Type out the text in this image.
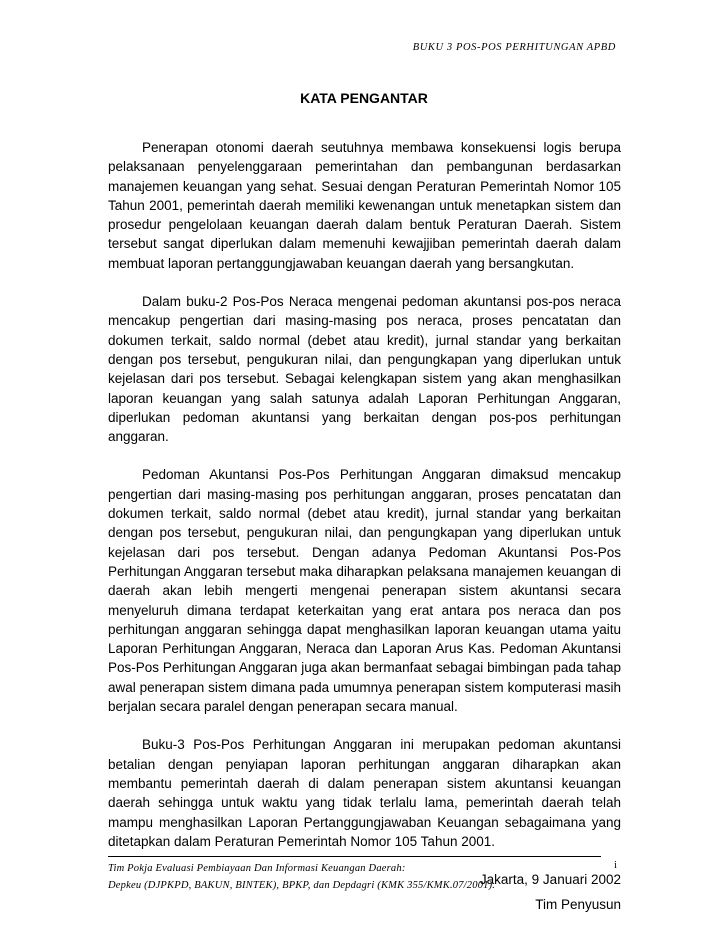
BUKU 3 POS-POS PERHITUNGAN APBD
KATA PENGANTAR

Penerapan otonomi daerah seutuhnya membawa konsekuensi logis berupa pelaksanaan penyelenggaraan pemerintahan dan pembangunan berdasarkan manajemen keuangan yang sehat. Sesuai dengan Peraturan Pemerintah Nomor 105 Tahun 2001, pemerintah daerah memiliki kewenangan untuk menetapkan sistem dan prosedur pengelolaan keuangan daerah dalam bentuk Peraturan Daerah. Sistem tersebut sangat diperlukan dalam memenuhi kewajjiban pemerintah daerah dalam membuat laporan pertanggungjawaban keuangan daerah yang bersangkutan.

Dalam buku-2 Pos-Pos Neraca mengenai pedoman akuntansi pos-pos neraca mencakup pengertian dari masing-masing pos neraca, proses pencatatan dan dokumen terkait, saldo normal (debet atau kredit), jurnal standar yang berkaitan dengan pos tersebut, pengukuran nilai, dan pengungkapan yang diperlukan untuk kejelasan dari pos tersebut. Sebagai kelengkapan sistem yang akan menghasilkan laporan keuangan yang salah satunya adalah Laporan Perhitungan Anggaran, diperlukan pedoman akuntansi yang berkaitan dengan pos-pos perhitungan anggaran.

Pedoman Akuntansi Pos-Pos Perhitungan Anggaran dimaksud mencakup pengertian dari masing-masing pos perhitungan anggaran, proses pencatatan dan dokumen terkait, saldo normal (debet atau kredit), jurnal standar yang berkaitan dengan pos tersebut, pengukuran nilai, dan pengungkapan yang diperlukan untuk kejelasan dari pos tersebut. Dengan adanya Pedoman Akuntansi Pos-Pos Perhitungan Anggaran tersebut maka diharapkan pelaksana manajemen keuangan di daerah akan lebih mengerti mengenai penerapan sistem akuntansi secara menyeluruh dimana terdapat keterkaitan yang erat antara pos neraca dan pos perhitungan anggaran sehingga dapat menghasilkan laporan keuangan utama yaitu Laporan Perhitungan Anggaran, Neraca dan Laporan Arus Kas. Pedoman Akuntansi Pos-Pos Perhitungan Anggaran juga akan bermanfaat sebagai bimbingan pada tahap awal penerapan sistem dimana pada umumnya penerapan sistem komputerasi masih berjalan secara paralel dengan penerapan secara manual.

Buku-3 Pos-Pos Perhitungan Anggaran ini merupakan pedoman akuntansi betalian dengan penyiapan laporan perhitungan anggaran diharapkan akan membantu pemerintah daerah di dalam penerapan sistem akuntansi keuangan daerah sehingga untuk waktu yang tidak terlalu lama, pemerintah daerah telah mampu menghasilkan Laporan Pertanggungjawaban Keuangan sebagaimana yang ditetapkan dalam Peraturan Pemerintah Nomor 105 Tahun 2001.

Jakarta, 9 Januari 2002

Tim Penyusun

Tim Pokja Evaluasi Pembiayaan Dan Informasi Keuangan Daerah:
Depkeu (DJPKPD, BAKUN, BINTEK), BPKP, dan Depdagri (KMK 355/KMK.07/2001).
i
